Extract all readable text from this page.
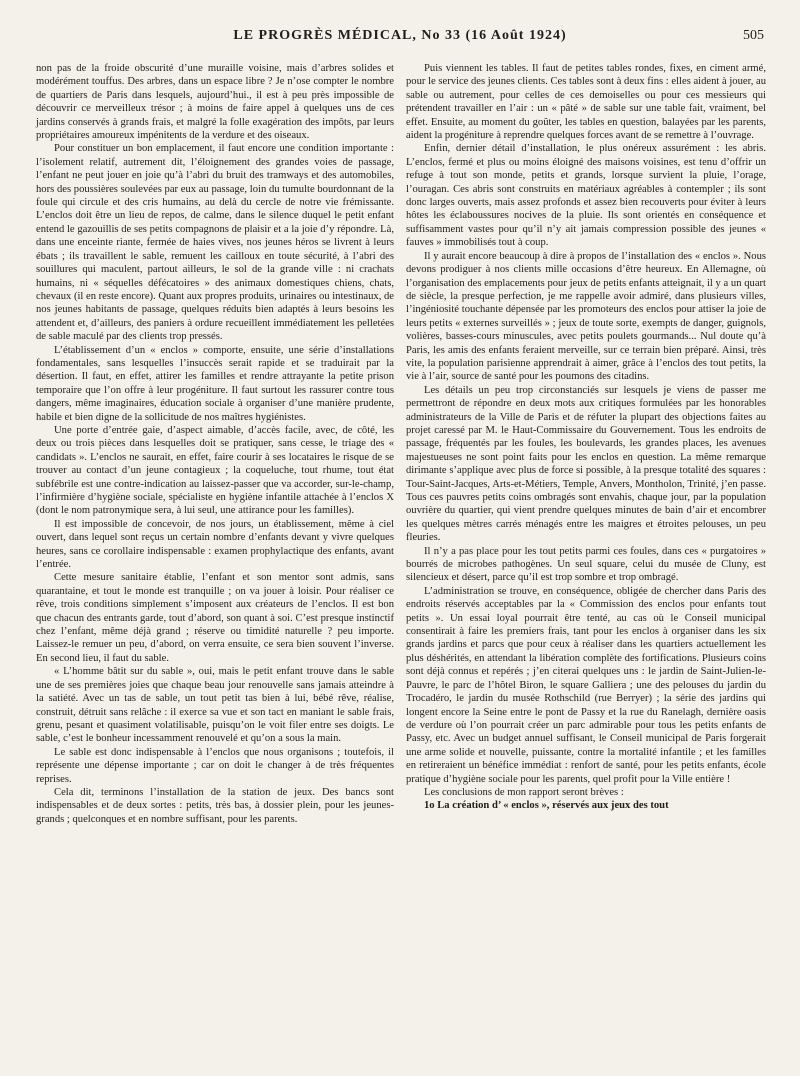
LE PROGRÈS MÉDICAL, No 33 (16 Août 1924)	505

non pas de la froide obscurité d’une muraille voisine, mais d’arbres solides et modérément touffus. Des arbres, dans un espace libre ? Je n’ose compter le nombre de quartiers de Paris dans lesquels, aujourd’hui., il est à peu près impossible de découvrir ce merveilleux trésor ; à moins de faire appel à quelques uns de ces jardins conservés à grands frais, et malgré la folle exagération des impôts, par leurs propriétaires amoureux impénitents de la verdure et des oiseaux.

Pour constituer un bon emplacement, il faut encore une condition importante : l’isolement relatif, autrement dit, l’éloignement des grandes voies de passage, l’enfant ne peut jouer en joie qu’à l’abri du bruit des tramways et des automobiles, hors des poussières soulevées par eux au passage, loin du tumulte bourdonnant de la foule qui circule et des cris humains, au delà du cercle de notre vie frémissante. L’enclos doit être un lieu de repos, de calme, dans le silence duquel le petit enfant entend le gazouillis de ses petits compagnons de plaisir et a la joie d’y répondre. Là, dans une enceinte riante, fermée de haies vives, nos jeunes héros se livrent à leurs ébats ; ils travaillent le sable, remuent les cailloux en toute sécurité, à l’abri des souillures qui maculent, partout ailleurs, le sol de la grande ville : ni crachats humains, ni « séquelles défécatoires » des animaux domestiques chiens, chats, chevaux (il en reste encore). Quant aux propres produits, urinaires ou intestinaux, de nos jeunes habitants de passage, quelques réduits bien adaptés à leurs besoins les attendent et, d’ailleurs, des paniers à ordure recueillent immédiatement les pelletées de sable maculé par des clients trop pressés.

L’établissement d’un « enclos » comporte, ensuite, une série d’installations fondamentales, sans lesquelles l’insuccès serait rapide et se traduirait par la désertion. Il faut, en effet, attirer les familles et rendre attrayante la petite prison temporaire que l’on offre à leur progéniture. Il faut surtout les rassurer contre tous dangers, même imaginaires, éducation sociale à organiser d’une manière prudente, habile et bien digne de la sollicitude de nos maîtres hygiénistes.

Une porte d’entrée gaie, d’aspect aimable, d’accès facile, avec, de côté, les deux ou trois pièces dans lesquelles doit se pratiquer, sans cesse, le triage des « candidats ». L’enclos ne saurait, en effet, faire courir à ses locataires le risque de se trouver au contact d’un jeune contagieux ; la coqueluche, tout rhume, tout état subfébrile est une contre-indication au laissez-passer que va accorder, sur-le-champ, l’infirmière d’hygiène sociale, spécialiste en hygiène infantile attachée à l’enclos X (dont le nom patronymique sera, à lui seul, une attirance pour les familles).

Il est impossible de concevoir, de nos jours, un établissement, même à ciel ouvert, dans lequel sont reçus un certain nombre d’enfants devant y vivre quelques heures, sans ce corollaire indispensable : examen prophylactique des enfants, avant l’entrée.

Cette mesure sanitaire établie, l’enfant et son mentor sont admis, sans quarantaine, et tout le monde est tranquille ; on va jouer à loisir. Pour réaliser ce rêve, trois conditions simplement s’imposent aux créateurs de l’enclos. Il est bon que chacun des entrants garde, tout d’abord, son quant à soi. C’est presque instinctif chez l’enfant, même déjà grand ; réserve ou timidité naturelle ? peu importe. Laissez-le remuer un peu, d’abord, on verra ensuite, ce sera bien souvent l’inverse. En second lieu, il faut du sable.

« L’homme bâtit sur du sable », oui, mais le petit enfant trouve dans le sable une de ses premières joies que chaque beau jour renouvelle sans jamais atteindre à la satiété. Avec un tas de sable, un tout petit tas bien à lui, bébé rêve, réalise, construit, détruit sans relâche : il exerce sa vue et son tact en maniant le sable frais, grenu, pesant et quasiment volatilisable, puisqu’on le voit filer entre ses doigts. Le sable, c’est le bonheur incessamment renouvelé et qu’on a sous la main.

Le sable est donc indispensable à l’enclos que nous organisons ; toutefois, il représente une dépense importante ; car on doit le changer à de très fréquentes reprises.

Cela dit, terminons l’installation de la station de jeux. Des bancs sont indispensables et de deux sortes : petits, très bas, à dossier plein, pour les jeunes-grands ; quelconques et en nombre suffisant, pour les parents.

Puis viennent les tables. Il faut de petites tables rondes, fixes, en ciment armé, pour le service des jeunes clients. Ces tables sont à deux fins : elles aident à jouer, au sable ou autrement, pour celles de ces demoiselles ou pour ces messieurs qui prétendent travailler en l’air : un « pâté » de sable sur une table fait, vraiment, bel effet. Ensuite, au moment du goûter, les tables en question, balayées par les parents, aident la progéniture à reprendre quelques forces avant de se remettre à l’ouvrage.

Enfin, dernier détail d’installation, le plus onéreux assurément : les abris. L’enclos, fermé et plus ou moins éloigné des maisons voisines, est tenu d’offrir un refuge à tout son monde, petits et grands, lorsque survient la pluie, l’orage, l’ouragan. Ces abris sont construits en matériaux agréables à contempler ; ils sont donc larges ouverts, mais assez profonds et assez bien recouverts pour éviter à leurs hôtes les éclaboussures nocives de la pluie. Ils sont orientés en conséquence et suffisamment vastes pour qu’il n’y ait jamais compression possible des jeunes « fauves » immobilisés tout à coup.

Il y aurait encore beaucoup à dire à propos de l’installation des « enclos ». Nous devons prodiguer à nos clients mille occasions d’être heureux. En Allemagne, où l’organisation des emplacements pour jeux de petits enfants atteignait, il y a un quart de siècle, la presque perfection, je me rappelle avoir admiré, dans plusieurs villes, l’ingéniosité touchante dépensée par les promoteurs des enclos pour attiser la joie de leurs petits « externes surveillés » ; jeux de toute sorte, exempts de danger, guignols, volières, basses-cours minuscules, avec petits poulets gourmands... Nul doute qu’à Paris, les amis des enfants feraient merveille, sur ce terrain bien préparé. Ainsi, très vite, la population parisienne apprendrait à aimer, grâce à l’enclos des tout petits, la vie à l’air, source de santé pour les poumons des citadins.

Les détails un peu trop circonstanciés sur lesquels je viens de passer me permettront de répondre en deux mots aux critiques formulées par les honorables administrateurs de la Ville de Paris et de réfuter la plupart des objections faites au projet caressé par M. le Haut-Commissaire du Gouvernement. Tous les endroits de passage, fréquentés par les foules, les boulevards, les grandes places, les avenues majestueuses ne sont point faits pour les enclos en question. La même remarque dirimante s’applique avec plus de force si possible, à la presque totalité des squares : Tour-Saint-Jacques, Arts-et-Métiers, Temple, Anvers, Montholon, Trinité, j’en passe. Tous ces pauvres petits coins ombragés sont envahis, chaque jour, par la population ouvrière du quartier, qui vient prendre quelques minutes de bain d’air et encombrer les quelques mètres carrés ménagés entre les maigres et étroites pelouses, un peu fleuries.

Il n’y a pas place pour les tout petits parmi ces foules, dans ces « purgatoires » bourrés de microbes pathogènes. Un seul square, celui du musée de Cluny, est silencieux et désert, parce qu’il est trop sombre et trop ombragé.

L’administration se trouve, en conséquence, obligée de chercher dans Paris des endroits réservés acceptables par la « Commission des enclos pour enfants tout petits ». Un essai loyal pourrait être tenté, au cas où le Conseil municipal consentirait à faire les premiers frais, tant pour les enclos à organiser dans les six grands jardins et parcs que pour ceux à réaliser dans les quartiers actuellement les plus déshérités, en attendant la libération complète des fortifications. Plusieurs coins sont déjà connus et repérés ; j’en citerai quelques uns : le jardin de Saint-Julien-le-Pauvre, le parc de l’hôtel Biron, le square Galliera ; une des pelouses du jardin du Trocadéro, le jardin du musée Rothschild (rue Berryer) ; la série des jardins qui longent encore la Seine entre le pont de Passy et la rue du Ranelagh, dernière oasis de verdure où l’on pourrait créer un parc admirable pour tous les petits enfants de Passy, etc. Avec un budget annuel suffisant, le Conseil municipal de Paris forgerait une arme solide et nouvelle, puissante, contre la mortalité infantile ; et les familles en retireraient un bénéfice immédiat : renfort de santé, pour les petits enfants, école pratique d’hygiène sociale pour les parents, quel profit pour la Ville entière !

Les conclusions de mon rapport seront brèves :

1o La création d’ « enclos », réservés aux jeux des tout
